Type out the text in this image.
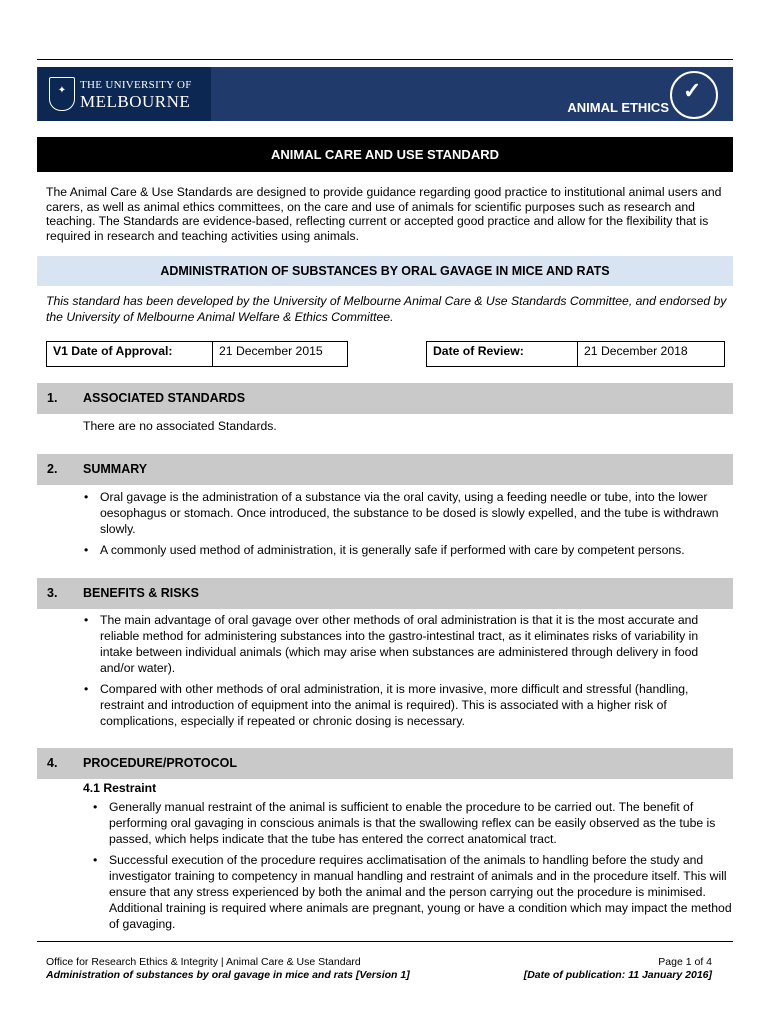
ANIMAL ETHICS
✓
✦ THE UNIVERSITY OF
MELBOURNE
ANIMAL CARE AND USE STANDARD
The Animal Care & Use Standards are designed to provide guidance regarding good practice to institutional animal users and carers, as well as animal ethics committees, on the care and use of animals for scientific purposes such as research and teaching. The Standards are evidence-based, reflecting current or accepted good practice and allow for the flexibility that is required in research and teaching activities using animals.
ADMINISTRATION OF SUBSTANCES BY ORAL GAVAGE IN MICE AND RATS
This standard has been developed by the University of Melbourne Animal Care & Use Standards Committee, and endorsed by the University of Melbourne Animal Welfare & Ethics Committee.
V1 Date of Approval:	21 December 2015	Date of Review:	21 December 2018
1. ASSOCIATED STANDARDS
There are no associated Standards.
2. SUMMARY
• Oral gavage is the administration of a substance via the oral cavity, using a feeding needle or tube, into the lower oesophagus or stomach. Once introduced, the substance to be dosed is slowly expelled, and the tube is withdrawn slowly.
• A commonly used method of administration, it is generally safe if performed with care by competent persons.
3. BENEFITS & RISKS
• The main advantage of oral gavage over other methods of oral administration is that it is the most accurate and reliable method for administering substances into the gastro-intestinal tract, as it eliminates risks of variability in intake between individual animals (which may arise when substances are administered through delivery in food and/or water).
• Compared with other methods of oral administration, it is more invasive, more difficult and stressful (handling, restraint and introduction of equipment into the animal is required). This is associated with a higher risk of complications, especially if repeated or chronic dosing is necessary.
4. PROCEDURE/PROTOCOL
4.1 Restraint
• Generally manual restraint of the animal is sufficient to enable the procedure to be carried out. The benefit of performing oral gavaging in conscious animals is that the swallowing reflex can be easily observed as the tube is passed, which helps indicate that the tube has entered the correct anatomical tract.
• Successful execution of the procedure requires acclimatisation of the animals to handling before the study and investigator training to competency in manual handling and restraint of animals and in the procedure itself. This will ensure that any stress experienced by both the animal and the person carrying out the procedure is minimised. Additional training is required where animals are pregnant, young or have a condition which may impact the method of gavaging.
Office for Research Ethics & Integrity | Animal Care & Use Standard	Page 1 of 4
Administration of substances by oral gavage in mice and rats [Version 1]	[Date of publication: 11 January 2016]
